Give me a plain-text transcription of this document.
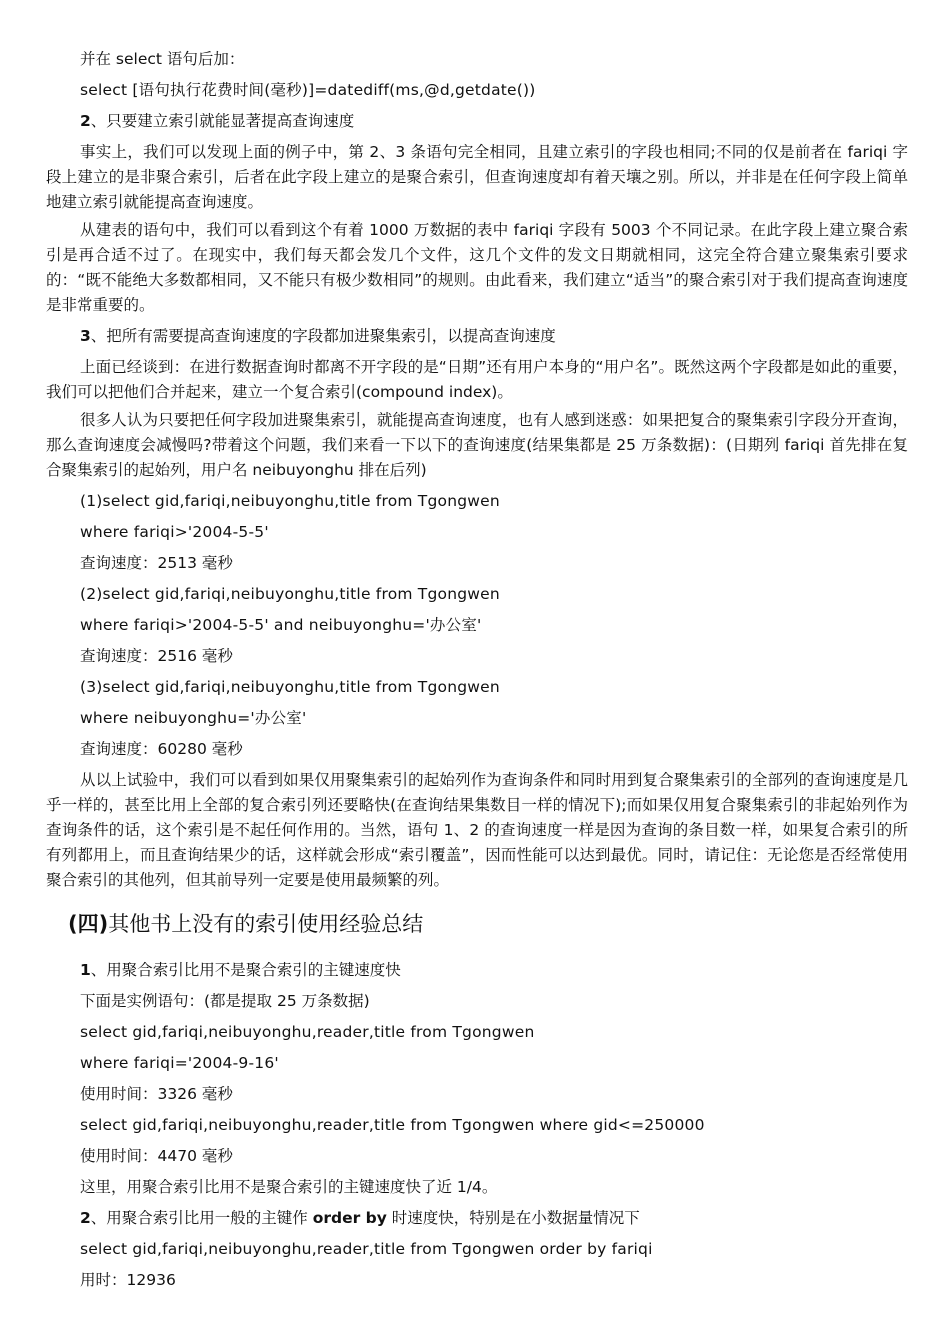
并在 select 语句后加：
select [语句执行花费时间(毫秒)]=datediff(ms,@d,getdate())
2、只要建立索引就能显著提高查询速度
事实上，我们可以发现上面的例子中，第 2、3 条语句完全相同，且建立索引的字段也相同;不同的仅是前者在 fariqi 字段上建立的是非聚合索引，后者在此字段上建立的是聚合索引，但查询速度却有着天壤之别。所以，并非是在任何字段上简单地建立索引就能提高查询速度。
从建表的语句中，我们可以看到这个有着 1000 万数据的表中 fariqi 字段有 5003 个不同记录。在此字段上建立聚合索引是再合适不过了。在现实中，我们每天都会发几个文件，这几个文件的发文日期就相同，这完全符合建立聚集索引要求的：“既不能绝大多数都相同，又不能只有极少数相同”的规则。由此看来，我们建立“适当”的聚合索引对于我们提高查询速度是非常重要的。
3、把所有需要提高查询速度的字段都加进聚集索引，以提高查询速度
上面已经谈到：在进行数据查询时都离不开字段的是“日期”还有用户本身的“用户名”。既然这两个字段都是如此的重要，我们可以把他们合并起来，建立一个复合索引(compound index)。
很多人认为只要把任何字段加进聚集索引，就能提高查询速度，也有人感到迷惑：如果把复合的聚集索引字段分开查询，那么查询速度会减慢吗?带着这个问题，我们来看一下以下的查询速度(结果集都是 25 万条数据)：(日期列 fariqi 首先排在复合聚集索引的起始列，用户名 neibuyonghu 排在后列)
(1)select gid,fariqi,neibuyonghu,title from Tgongwen
where fariqi>'2004-5-5'
查询速度：2513 毫秒
(2)select gid,fariqi,neibuyonghu,title from Tgongwen
where fariqi>'2004-5-5' and neibuyonghu='办公室'
查询速度：2516 毫秒
(3)select gid,fariqi,neibuyonghu,title from Tgongwen
where neibuyonghu='办公室'
查询速度：60280 毫秒
从以上试验中，我们可以看到如果仅用聚集索引的起始列作为查询条件和同时用到复合聚集索引的全部列的查询速度是几乎一样的，甚至比用上全部的复合索引列还要略快(在查询结果集数目一样的情况下);而如果仅用复合聚集索引的非起始列作为查询条件的话，这个索引是不起任何作用的。当然，语句 1、2 的查询速度一样是因为查询的条目数一样，如果复合索引的所有列都用上，而且查询结果少的话，这样就会形成“索引覆盖”，因而性能可以达到最优。同时，请记住：无论您是否经常使用聚合索引的其他列，但其前导列一定要是使用最频繁的列。
(四)其他书上没有的索引使用经验总结
1、用聚合索引比用不是聚合索引的主键速度快
下面是实例语句：(都是提取 25 万条数据)
select gid,fariqi,neibuyonghu,reader,title from Tgongwen
where fariqi='2004-9-16'
使用时间：3326 毫秒
select gid,fariqi,neibuyonghu,reader,title from Tgongwen where gid<=250000
使用时间：4470 毫秒
这里，用聚合索引比用不是聚合索引的主键速度快了近 1/4。
2、用聚合索引比用一般的主键作 order by 时速度快，特别是在小数据量情况下
select gid,fariqi,neibuyonghu,reader,title from Tgongwen order by fariqi
用时：12936
